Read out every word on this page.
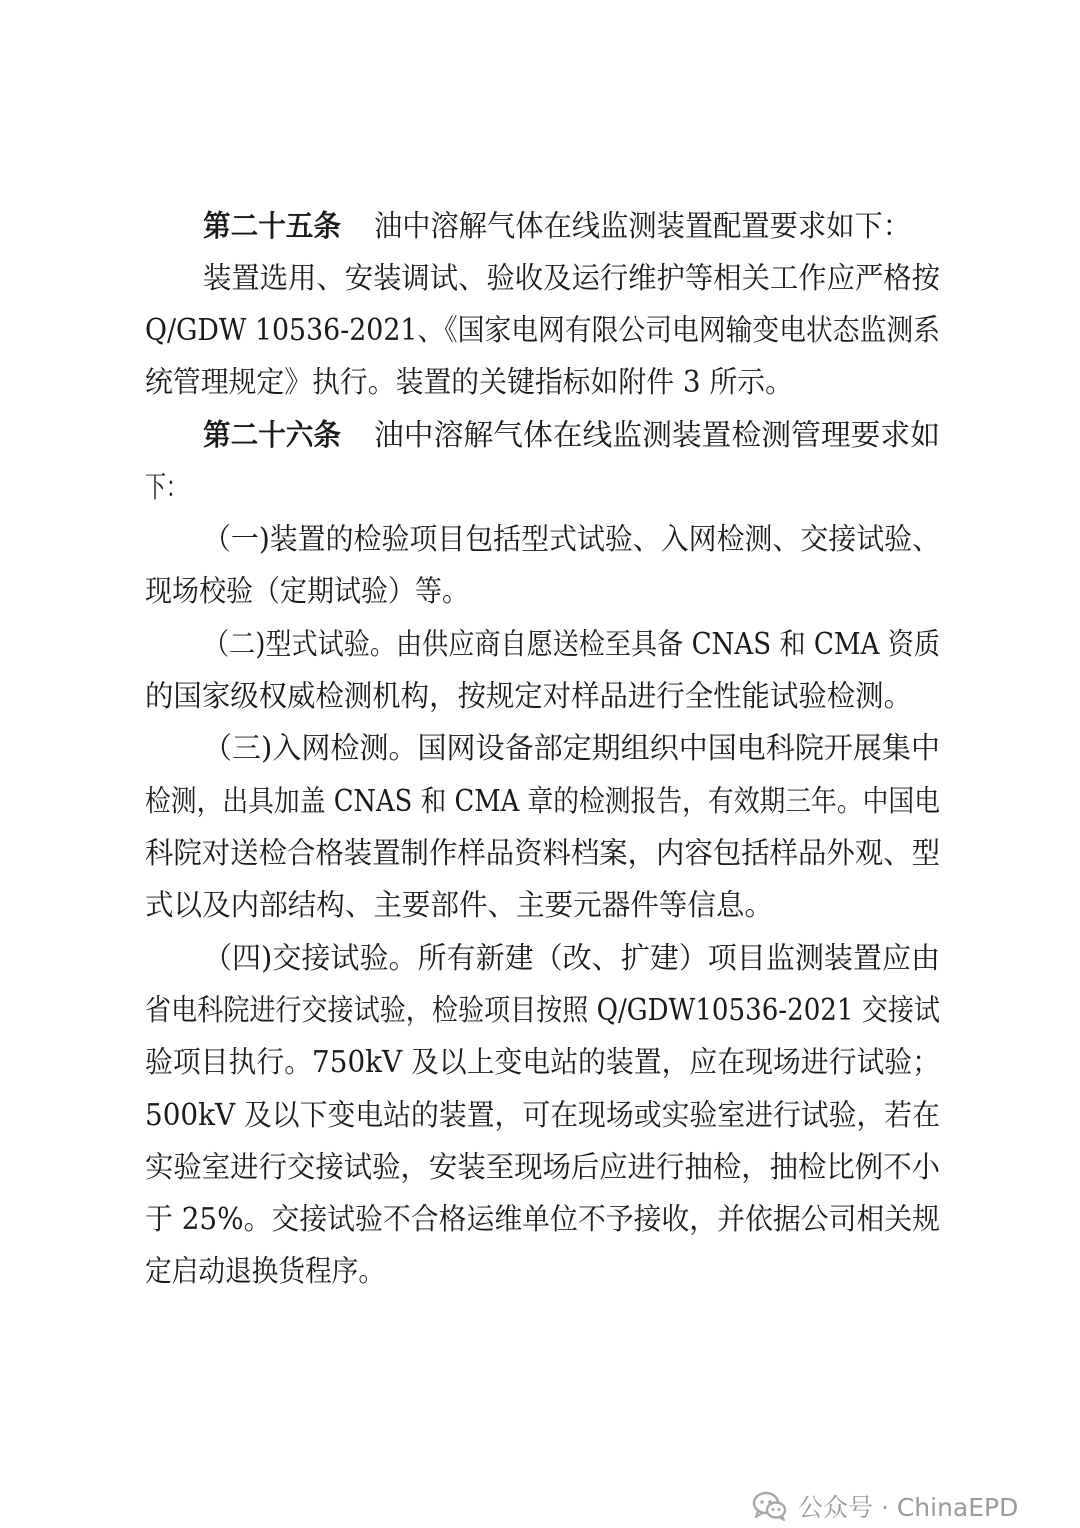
第二十五条 油中溶解气体在线监测装置配置要求如下：
装置选用、安装调试、验收及运行维护等相关工作应严格按
Q/GDW 10536-2021、《国家电网有限公司电网输变电状态监测系
统管理规定》执行。装置的关键指标如附件 3 所示。
第二十六条 油中溶解气体在线监测装置检测管理要求如
下：
（一)装置的检验项目包括型式试验、入网检测、交接试验、
现场校验（定期试验）等。
（二)型式试验。由供应商自愿送检至具备 CNAS 和 CMA 资质
的国家级权威检测机构，按规定对样品进行全性能试验检测。
（三)入网检测。国网设备部定期组织中国电科院开展集中
检测，出具加盖 CNAS 和 CMA 章的检测报告，有效期三年。中国电
科院对送检合格装置制作样品资料档案，内容包括样品外观、型
式以及内部结构、主要部件、主要元器件等信息。
（四)交接试验。所有新建（改、扩建）项目监测装置应由
省电科院进行交接试验，检验项目按照 Q/GDW10536-2021 交接试
验项目执行。750kV 及以上变电站的装置，应在现场进行试验；
500kV 及以下变电站的装置，可在现场或实验室进行试验，若在
实验室进行交接试验，安装至现场后应进行抽检，抽检比例不小
于 25%。交接试验不合格运维单位不予接收，并依据公司相关规
定启动退换货程序。
公众号 · ChinaEPD
